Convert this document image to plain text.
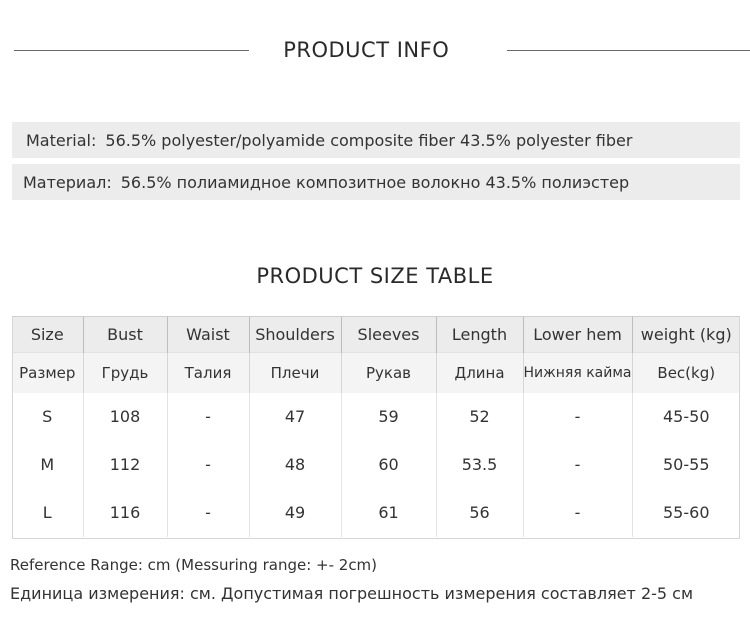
PRODUCT INFO
Material: 56.5% polyester/polyamide composite fiber 43.5% polyester fiber
Материал: 56.5% полиамидное композитное волокно 43.5% полиэстер
PRODUCT SIZE TABLE
Size	Bust	Waist	Shoulders	Sleeves	Length	Lower hem	weight (kg)
Размер	Грудь	Талия	Плечи	Рукав	Длина	Нижняя кайма	Вес(kg)
S	108	-	47	59	52	-	45-50
M	112	-	48	60	53.5	-	50-55
L	116	-	49	61	56	-	55-60
Reference Range: cm (Messuring range: +- 2cm)
Единица измерения: см. Допустимая погрешность измерения составляет 2-5 см
